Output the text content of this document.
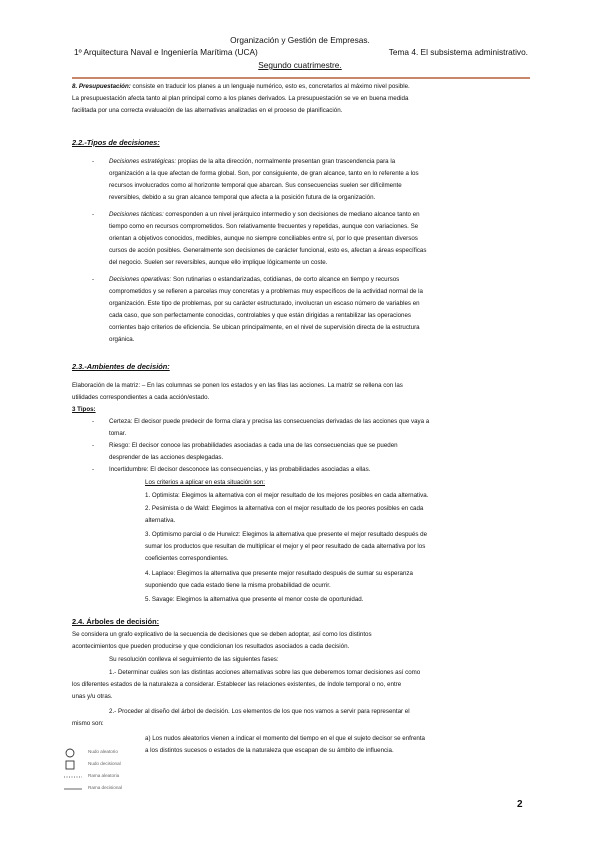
Organización y Gestión de Empresas.
1º Arquitectura Naval e Ingeniería Marítima (UCA)	Tema 4. El subsistema administrativo.
Segundo cuatrimestre.
8. Presupuestación: consiste en traducir los planes a un lenguaje numérico, esto es, concretarlos al máximo nivel posible.
La presupuestación afecta tanto al plan principal como a los planes derivados. La presupuestación se ve en buena medida
facilitada por una correcta evaluación de las alternativas analizadas en el proceso de planificación.
2.2.-Tipos de decisiones:
- Decisiones estratégicas: propias de la alta dirección, normalmente presentan gran trascendencia para la
organización a la que afectan de forma global. Son, por consiguiente, de gran alcance, tanto en lo referente a los
recursos involucrados como al horizonte temporal que abarcan. Sus consecuencias suelen ser difícilmente
reversibles, debido a su gran alcance temporal que afecta a la posición futura de la organización.
- Decisiones tácticas: corresponden a un nivel jerárquico intermedio y son decisiones de mediano alcance tanto en
tiempo como en recursos comprometidos. Son relativamente frecuentes y repetidas, aunque con variaciones. Se
orientan a objetivos conocidos, medibles, aunque no siempre conciliables entre sí, por lo que presentan diversos
cursos de acción posibles. Generalmente son decisiones de carácter funcional, esto es, afectan a áreas específicas
del negocio. Suelen ser reversibles, aunque ello implique lógicamente un coste.
- Decisiones operativas: Son rutinarias o estandarizadas, cotidianas, de corto alcance en tiempo y recursos
comprometidos y se refieren a parcelas muy concretas y a problemas muy específicos de la actividad normal de la
organización. Este tipo de problemas, por su carácter estructurado, involucran un escaso número de variables en
cada caso, que son perfectamente conocidas, controlables y que están dirigidas a rentabilizar las operaciones
corrientes bajo criterios de eficiencia. Se ubican principalmente, en el nivel de supervisión directa de la estructura
orgánica.
2.3.-Ambientes de decisión:
Elaboración de la matriz: – En las columnas se ponen los estados y en las filas las acciones. La matriz se rellena con las
utilidades correspondientes a cada acción/estado.
3 Tipos:
- Certeza: El decisor puede predecir de forma clara y precisa las consecuencias derivadas de las acciones que vaya a
tomar.
- Riesgo: El decisor conoce las probabilidades asociadas a cada una de las consecuencias que se pueden
desprender de las acciones desplegadas.
- Incertidumbre: El decisor desconoce las consecuencias, y las probabilidades asociadas a ellas.
Los criterios a aplicar en esta situación son:
1. Optimista: Elegimos la alternativa con el mejor resultado de los mejores posibles en cada alternativa.
2. Pesimista o de Wald: Elegimos la alternativa con el mejor resultado de los peores posibles en cada
alternativa.
3. Optimismo parcial o de Hurwicz: Elegimos la alternativa que presente el mejor resultado después de
sumar los productos que resultan de multiplicar el mejor y el peor resultado de cada alternativa por los
coeficientes correspondientes.
4. Laplace: Elegimos la alternativa que presente mejor resultado después de sumar su esperanza
suponiendo que cada estado tiene la misma probabilidad de ocurrir.
5. Savage: Elegimos la alternativa que presente el menor coste de oportunidad.
2.4. Árboles de decisión:
Se considera un grafo explicativo de la secuencia de decisiones que se deben adoptar, así como los distintos
acontecimientos que pueden producirse y que condicionan los resultados asociados a cada decisión.
Su resolución conlleva el seguimiento de las siguientes fases:
1.- Determinar cuáles son las distintas acciones alternativas sobre las que deberemos tomar decisiones así como
los diferentes estados de la naturaleza a considerar. Establecer las relaciones existentes, de índole temporal o no, entre
unas y/u otras.
2.- Proceder al diseño del árbol de decisión. Los elementos de los que nos vamos a servir para representar el
mismo son:
a) Los nudos aleatorios vienen a indicar el momento del tiempo en el que el sujeto decisor se enfrenta
a los distintos sucesos o estados de la naturaleza que escapan de su ámbito de influencia.
Nudo aleatorio
Nudo decisional
Rama aleatoria
Rama decisional
2
